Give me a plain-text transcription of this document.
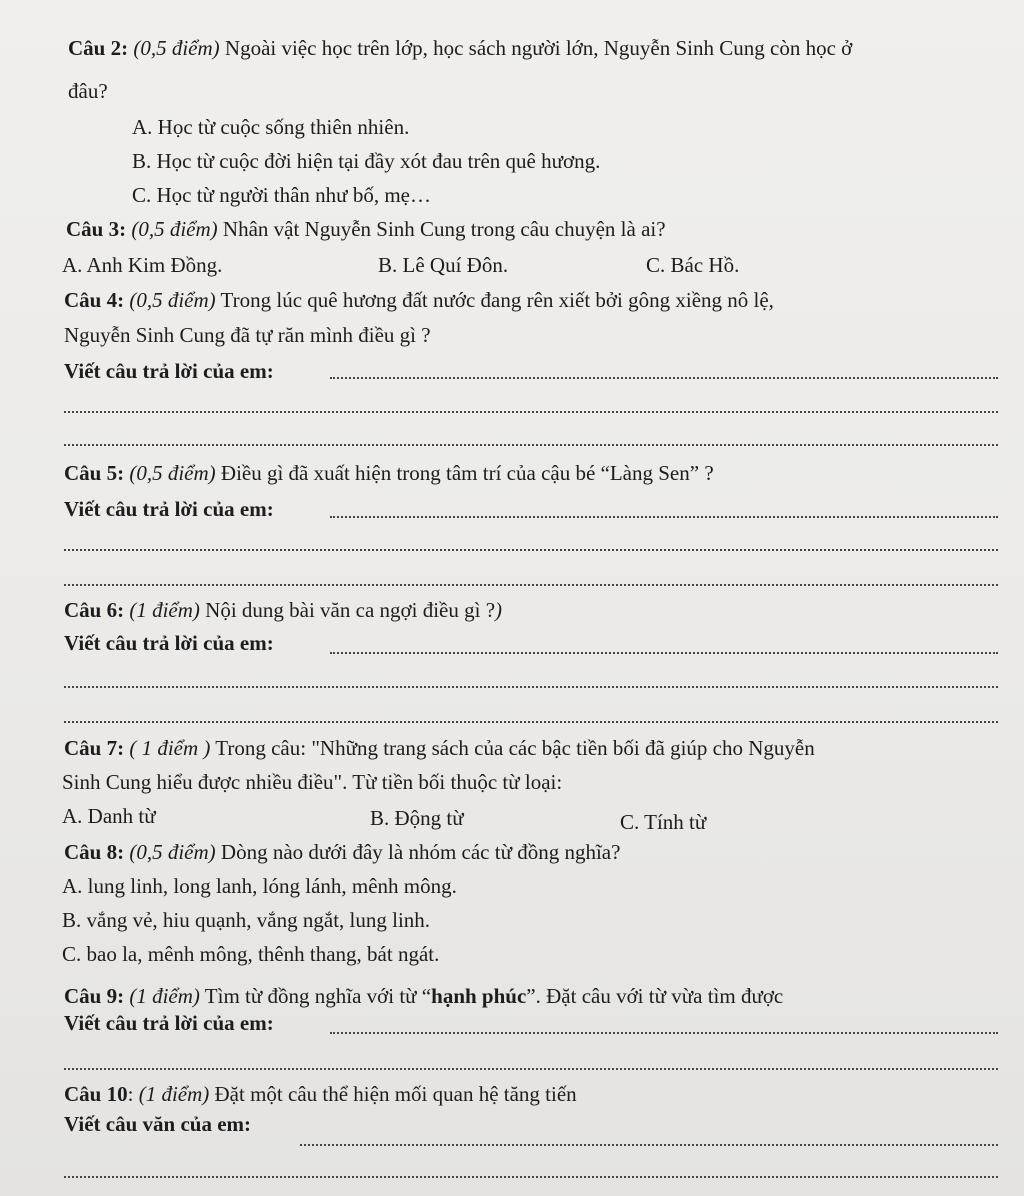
Câu 2: (0,5 điểm) Ngoài việc học trên lớp, học sách người lớn, Nguyễn Sinh Cung còn học ở
đâu?
A. Học từ cuộc sống thiên nhiên.
B. Học từ cuộc đời hiện tại đầy xót đau trên quê hương.
C. Học từ người thân như bố, mẹ…
Câu 3: (0,5 điểm) Nhân vật Nguyễn Sinh Cung trong câu chuyện là ai?
A. Anh Kim Đồng.	B. Lê Quí Đôn.	C. Bác Hồ.
Câu 4: (0,5 điểm) Trong lúc quê hương đất nước đang rên xiết bởi gông xiềng nô lệ,
Nguyễn Sinh Cung đã tự răn mình điều gì ?
Viết câu trả lời của em:
Câu 5: (0,5 điểm) Điều gì đã xuất hiện trong tâm trí của cậu bé “Làng Sen” ?
Viết câu trả lời của em:
Câu 6: (1 điểm) Nội dung bài văn ca ngợi điều gì ?)
Viết câu trả lời của em:
Câu 7: ( 1 điểm ) Trong câu: "Những trang sách của các bậc tiền bối đã giúp cho Nguyễn
Sinh Cung hiểu được nhiều điều". Từ tiền bối thuộc từ loại:
A. Danh từ	B. Động từ	C. Tính từ
Câu 8: (0,5 điểm) Dòng nào dưới đây là nhóm các từ đồng nghĩa?
A. lung linh, long lanh, lóng lánh, mênh mông.
B. vắng vẻ, hiu quạnh, vắng ngắt, lung linh.
C. bao la, mênh mông, thênh thang, bát ngát.
Câu 9: (1 điểm) Tìm từ đồng nghĩa với từ “hạnh phúc”. Đặt câu với từ vừa tìm được
Viết câu trả lời của em:
Câu 10: (1 điểm) Đặt một câu thể hiện mối quan hệ tăng tiến
Viết câu văn của em:
